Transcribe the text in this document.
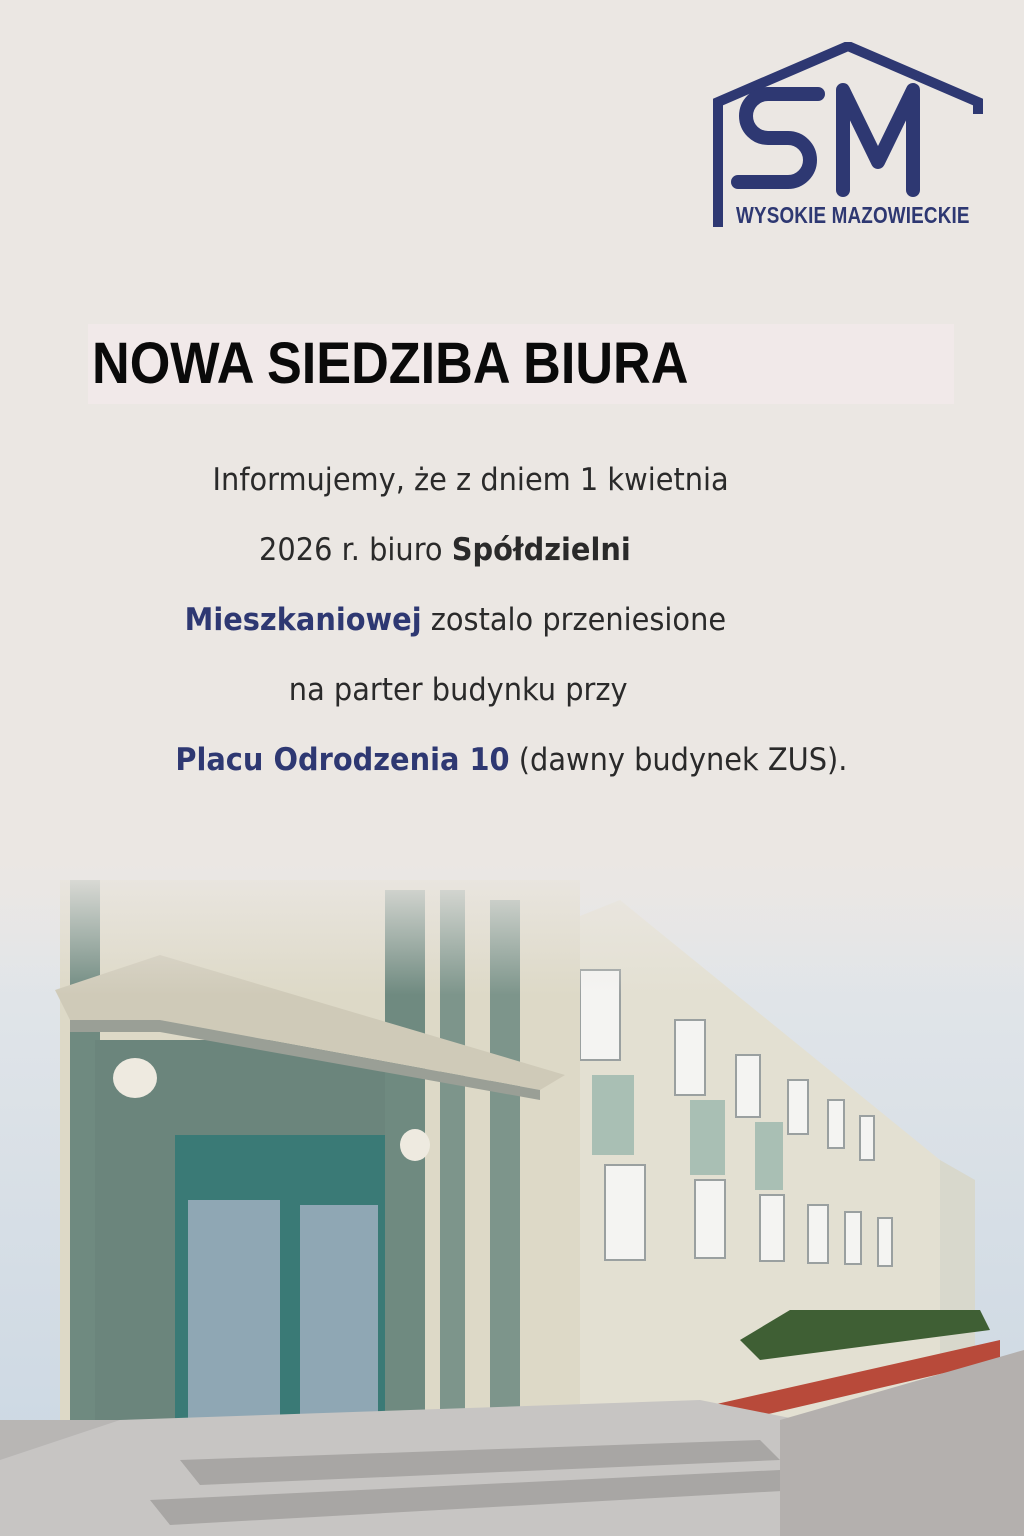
WYSOKIE MAZOWIECKIE
NOWA SIEDZIBA BIURA
Informujemy, że z dniem 1 kwietnia
2026 r. biuro Spółdzielni
Mieszkaniowej zostalo przeniesione
na parter budynku przy
Placu Odrodzenia 10 (dawny budynek ZUS).
